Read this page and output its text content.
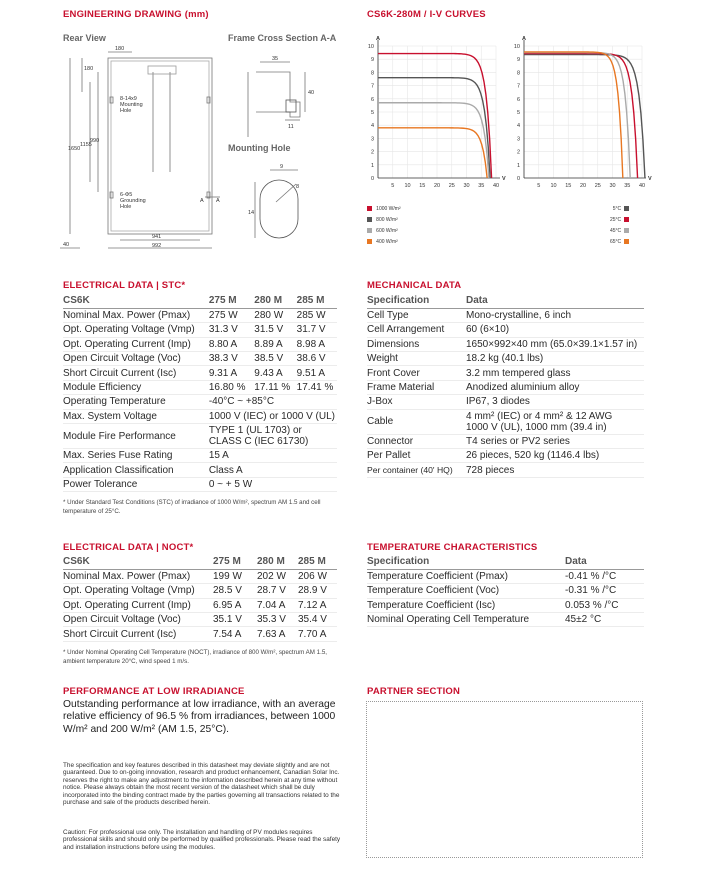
ENGINEERING DRAWING (mm)
Rear View	Frame Cross Section A-A
Mounting Hole
180
180
8-14x9
Mounting
Hole
1650
1155
990
6-Φ5
Grounding
Hole
941
40	992
A A
35
40
11
9
8
14
CS6K-280M / I-V CURVES
0
1
2
3
4
5
6
7
8
9
10
5 10 15 20 25 30 35 40
A
V 0
1
2
3
4
5
6
7
8
9
10
5 10 15 20 25 30 35 40
A
V
1000 W/m²
800 W/m²
600 W/m²
400 W/m²
5°C
25°C
45°C
65°C
ELECTRICAL DATA | STC*
CS6K	275 M	280 M	285 M
Nominal Max. Power (Pmax)	275 W	280 W	285 W
Opt. Operating Voltage (Vmp)	31.3 V	31.5 V	31.7 V
Opt. Operating Current (Imp)	8.80 A	8.89 A	8.98 A
Open Circuit Voltage (Voc)	38.3 V	38.5 V	38.6 V
Short Circuit Current (Isc)	9.31 A	9.43 A	9.51 A
Module Efficiency	16.80 %	17.11 %	17.41 %
Operating Temperature	-40°C ~ +85°C		
Max. System Voltage	1000 V (IEC) or 1000 V (UL)		
Module Fire Performance	TYPE 1 (UL 1703) or
CLASS C (IEC 61730)		
Max. Series Fuse Rating	15 A		
Application Classification	Class A		
Power Tolerance	0 ~ + 5 W		
* Under Standard Test Conditions (STC) of irradiance of 1000 W/m², spectrum AM 1.5 and cell temperature of 25°C.
ELECTRICAL DATA | NOCT*
CS6K	275 M	280 M	285 M
Nominal Max. Power (Pmax)	199 W	202 W	206 W
Opt. Operating Voltage (Vmp)	28.5 V	28.7 V	28.9 V
Opt. Operating Current (Imp)	6.95 A	7.04 A	7.12 A
Open Circuit Voltage (Voc)	35.1 V	35.3 V	35.4 V
Short Circuit Current (Isc)	7.54 A	7.63 A	7.70 A
* Under Nominal Operating Cell Temperature (NOCT), irradiance of 800 W/m², spectrum AM 1.5, ambient temperature 20°C, wind speed 1 m/s.
MECHANICAL DATA
Specification	Data
Cell Type	Mono-crystalline, 6 inch
Cell Arrangement	60 (6×10)
Dimensions	1650×992×40 mm (65.0×39.1×1.57 in)
Weight	18.2 kg (40.1 lbs)
Front Cover	3.2 mm tempered glass
Frame Material	Anodized aluminium alloy
J-Box	IP67, 3 diodes
Cable	4 mm² (IEC) or 4 mm² & 12 AWG
1000 V (UL), 1000 mm (39.4 in)
Connector	T4 series or PV2 series
Per Pallet	26 pieces, 520 kg (1146.4 lbs)
Per container (40' HQ)	728 pieces
TEMPERATURE CHARACTERISTICS
Specification	Data
Temperature Coefficient (Pmax)	-0.41 % /°C
Temperature Coefficient (Voc)	-0.31 % /°C
Temperature Coefficient (Isc)	0.053 % /°C
Nominal Operating Cell Temperature	45±2 °C
PERFORMANCE AT LOW IRRADIANCE
Outstanding performance at low irradiance, with an average relative efficiency of 96.5 % from irradiances, between 1000 W/m² and 200 W/m² (AM 1.5, 25°C).
PARTNER SECTION
The specification and key features described in this datasheet may deviate slightly and are not guaranteed. Due to on-going innovation, research and product enhancement, Canadian Solar Inc. reserves the right to make any adjustment to the information described herein at any time without notice. Please always obtain the most recent version of the datasheet which shall be duly incorporated into the binding contract made by the parties governing all transactions related to the purchase and sale of the products described herein.
Caution: For professional use only. The installation and handling of PV modules requires professional skills and should only be performed by qualified professionals. Please read the safety and installation instructions before using the modules.
